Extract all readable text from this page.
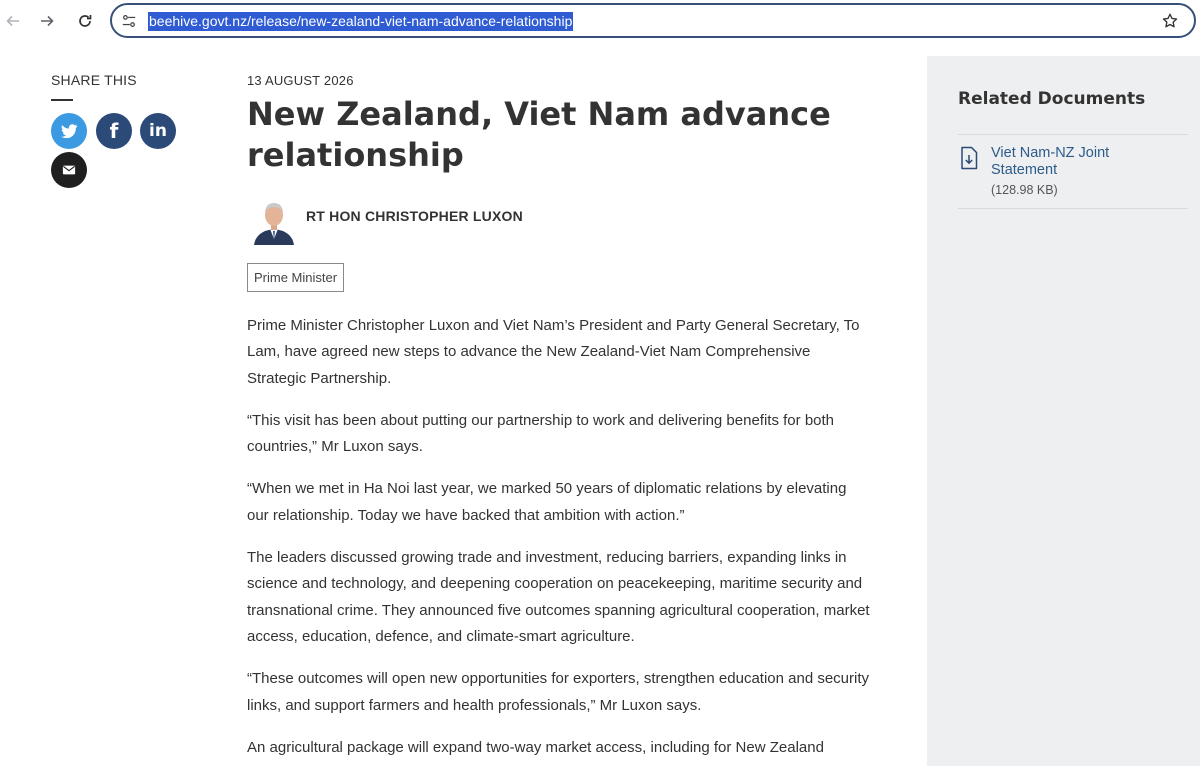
beehive.govt.nz/release/new-zealand-viet-nam-advance-relationship
SHARE THIS
f in
13 AUGUST 2026
New Zealand, Viet Nam advance
relationship
RT HON CHRISTOPHER LUXON
Prime Minister

Prime Minister Christopher Luxon and Viet Nam’s President and Party General Secretary, To Lam, have agreed new steps to advance the New Zealand-Viet Nam Comprehensive Strategic Partnership.

“This visit has been about putting our partnership to work and delivering benefits for both countries,” Mr Luxon says.

“When we met in Ha Noi last year, we marked 50 years of diplomatic relations by elevating our relationship. Today we have backed that ambition with action.”

The leaders discussed growing trade and investment, reducing barriers, expanding links in science and technology, and deepening cooperation on peacekeeping, maritime security and transnational crime. They announced five outcomes spanning agricultural cooperation, market access, education, defence, and climate-smart agriculture.

“These outcomes will open new opportunities for exporters, strengthen education and security links, and support farmers and health professionals,” Mr Luxon says.

An agricultural package will expand two-way market access, including for New Zealand

Related Documents
Viet Nam-NZ Joint Statement
(128.98 KB)
